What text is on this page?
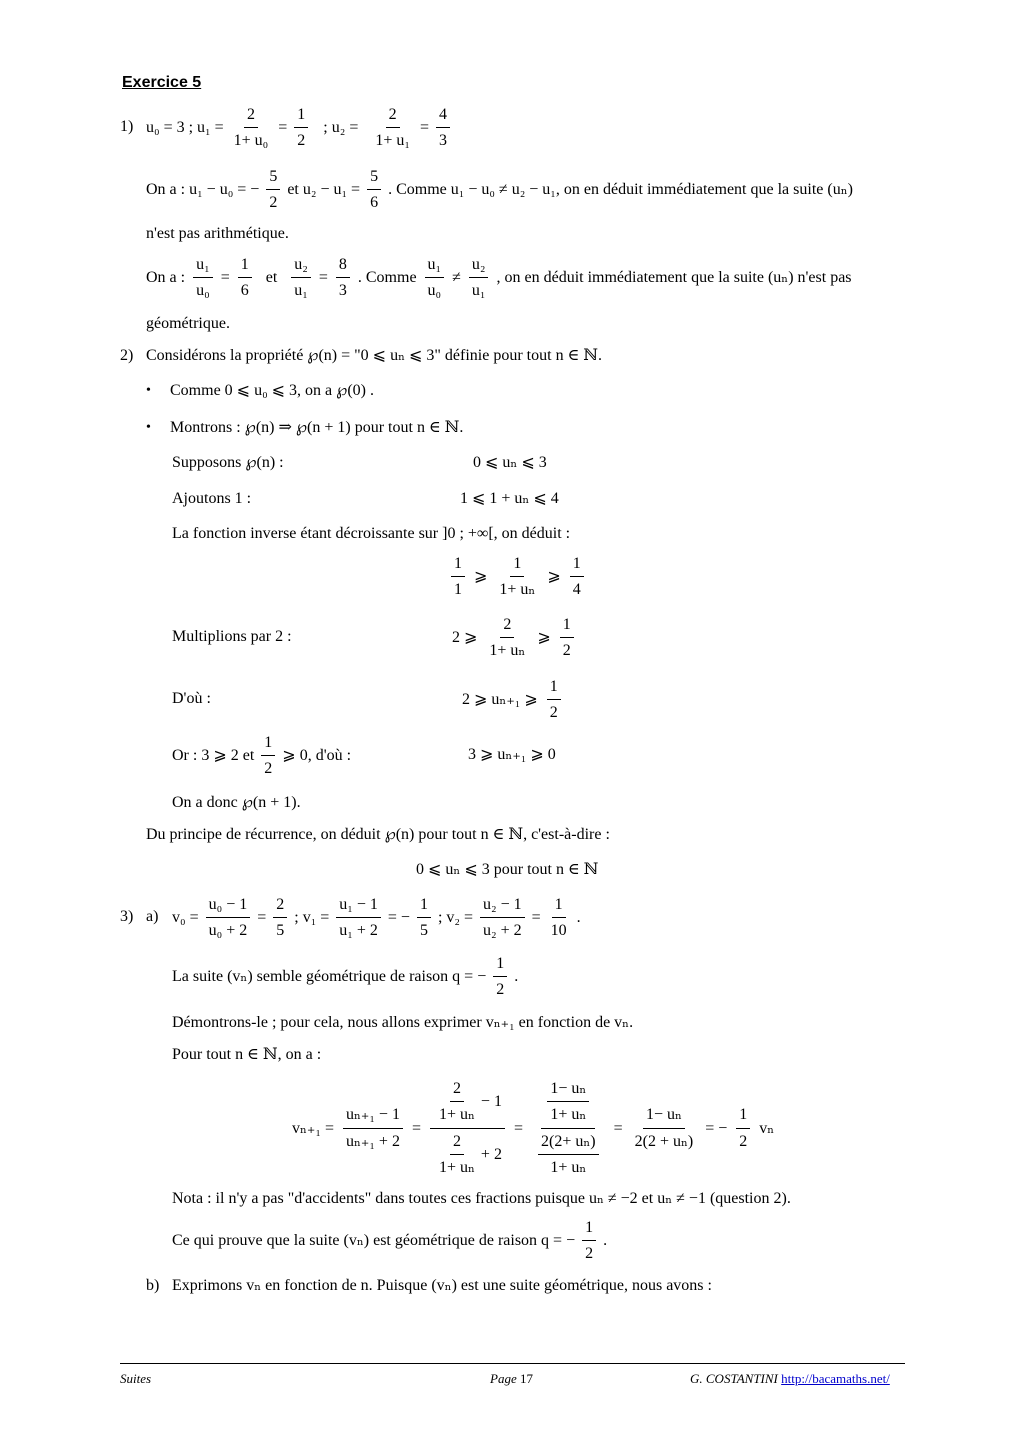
Exercice 5
1) u₀ = 3 ; $u_1 = \frac{2}{\text{1+ u₀}} = \frac{1}{2}$ ; $u_2 = \frac{2}{\text{1+ u₁}} = \frac{4}{3}$
On a : u₁ − u₀ = − $\frac{5}{2}$ et $u_2 - u_1 = \frac{5}{6}$ . Comme u₁ − u₀ ≠ u₂ − u₁, on en déduit immédiatement que la suite (uₙ)
n'est pas arithmétique.
On a : $\frac{\text{u₁}}{\text{u₀}} = \frac{1}{6}$ et $\frac{\text{u₂}}{\text{u₁}} = \frac{8}{3}$ . Comme
u₁
u₀
≠
u₂
u₁
, on en déduit immédiatement que la suite (uₙ) n'est pas
géométrique.
2) Considérons la propriété ℘(n) = "0 ⩽ uₙ ⩽ 3" définie pour tout n ∈ ℕ.
• Comme 0 ⩽ u₀ ⩽ 3, on a ℘(0) .
• Montrons : ℘(n) ⇒ ℘(n + 1) pour tout n ∈ ℕ.
Supposons ℘(n) :	0 ⩽ uₙ ⩽ 3
Ajoutons 1 :	1 ⩽ 1 + uₙ ⩽ 4
La fonction inverse étant décroissante sur ]0 ; +∞[, on déduit :
1
1
⩾
1
1+ uₙ
⩾
1
4
Multiplions par 2 :	2 ⩾
2
1+ uₙ
⩾
1
2
D'où :	2 ⩾ uₙ₊₁ ⩾
1
2
Or : 3 ⩾ 2 et
1
2
⩾ 0, d'où :	3 ⩾ uₙ₊₁ ⩾ 0
On a donc ℘(n + 1).
Du principe de récurrence, on déduit ℘(n) pour tout n ∈ ℕ, c'est-à-dire :
0 ⩽ uₙ ⩽ 3 pour tout n ∈ ℕ
3) a) $v_0 = \frac{\text{u₀ − 1}}{\text{u₀ + 2}} = \frac{2}{5}$ ; $v_1 = \frac{\text{u₁ − 1}}{\text{u₁ + 2}}$ = − $\frac{1}{5}$ ; $v_2 = \frac{\text{u₂ − 1}}{\text{u₂ + 2}} = \frac{1}{10}$ .
La suite (vₙ) semble géométrique de raison q = − $\frac{1}{2}$ .
Démontrons-le ; pour cela, nous allons exprimer vₙ₊₁ en fonction de vₙ.
Pour tout n ∈ ℕ, on a :
$v_{n+1} = \frac{\text{uₙ₊₁ − 1}}{\text{uₙ₊₁ + 2}} = 2$
1+ uₙ
− 1
2
1+ uₙ
+ $2 = \frac{\frac{\text{1− uₙ}}{\text{1+ uₙ}}}{\frac{\text{2(2+ uₙ)}}{\text{1+ uₙ}}} = \frac{\text{1− uₙ}}{\text{2(2 + uₙ)}}$ = − $\frac{1}{2}$ vₙ
Nota : il n'y a pas "d'accidents" dans toutes ces fractions puisque uₙ ≠ −2 et uₙ ≠ −1 (question 2).
Ce qui prouve que la suite (vₙ) est géométrique de raison q = − $\frac{1}{2}$ .
b) Exprimons vₙ en fonction de n. Puisque (vₙ) est une suite géométrique, nous avons :
Suites	Page 17	G. COSTANTINI http://bacamaths.net/
